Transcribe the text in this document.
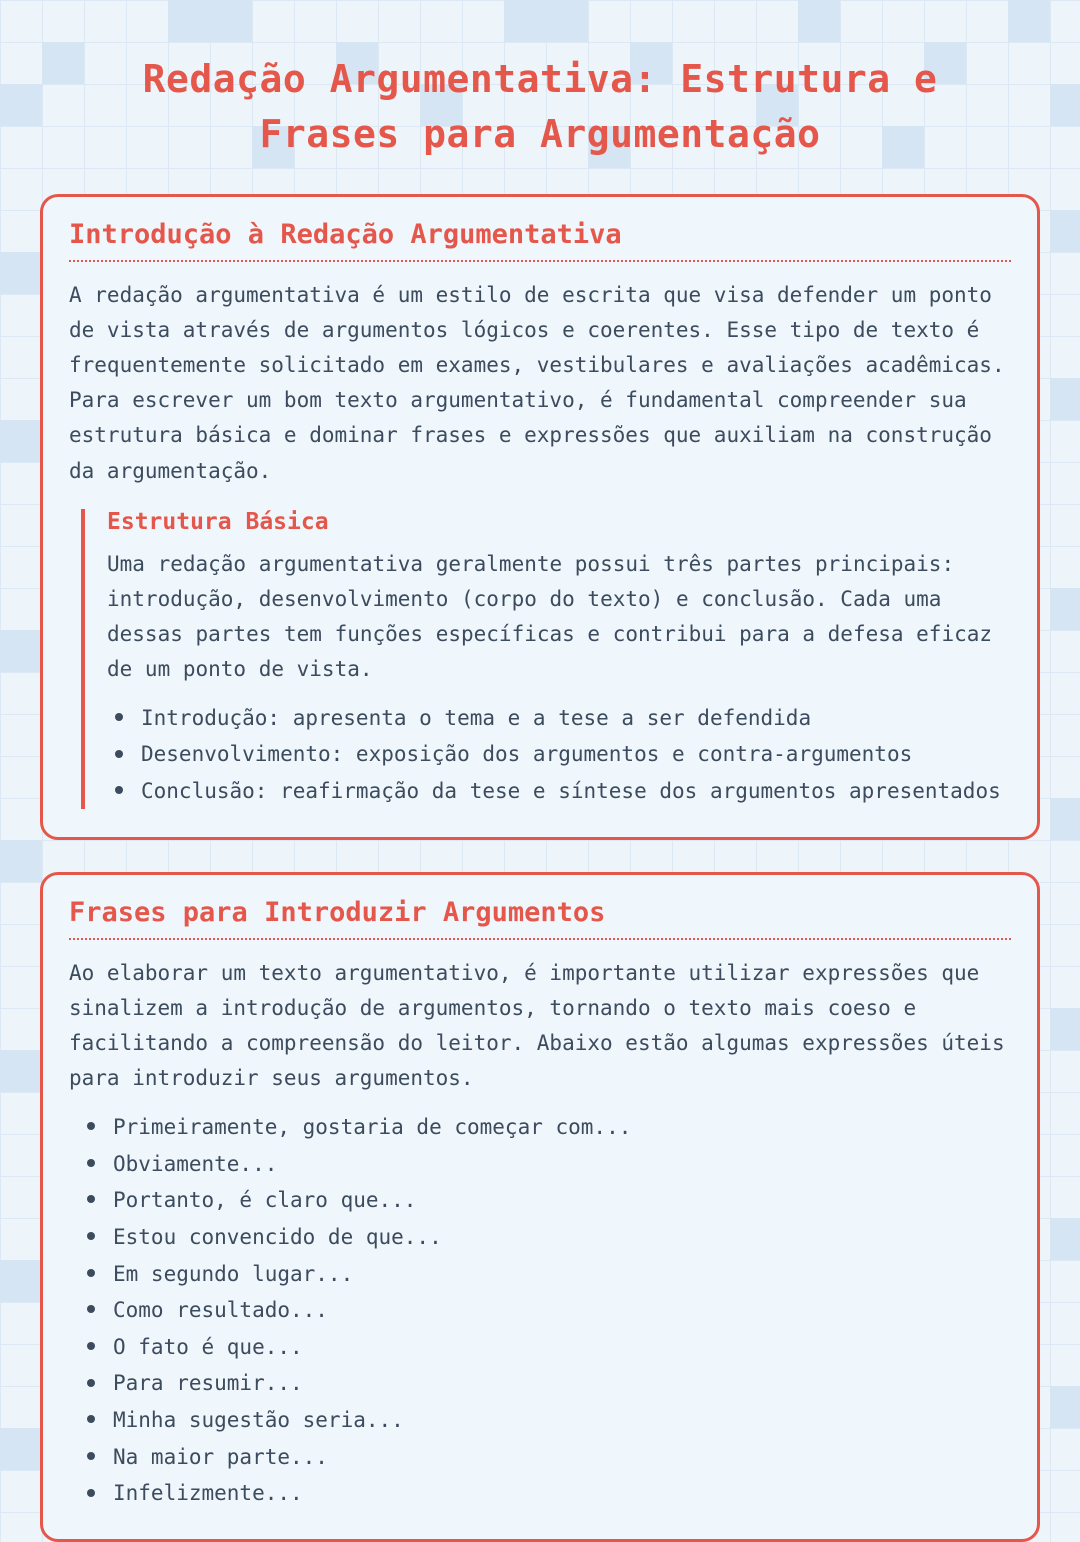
Redação Argumentativa: Estrutura e Frases para Argumentação
Introdução à Redação Argumentativa

A redação argumentativa é um estilo de escrita que visa defender um ponto de vista através de argumentos lógicos e coerentes. Esse tipo de texto é frequentemente solicitado em exames, vestibulares e avaliações acadêmicas. Para escrever um bom texto argumentativo, é fundamental compreender sua estrutura básica e dominar frases e expressões que auxiliam na construção da argumentação.

Estrutura Básica

Uma redação argumentativa geralmente possui três partes principais: introdução, desenvolvimento (corpo do texto) e conclusão. Cada uma dessas partes tem funções específicas e contribui para a defesa eficaz de um ponto de vista.

Introdução: apresenta o tema e a tese a ser defendida
Desenvolvimento: exposição dos argumentos e contra-argumentos
Conclusão: reafirmação da tese e síntese dos argumentos apresentados
Frases para Introduzir Argumentos

Ao elaborar um texto argumentativo, é importante utilizar expressões que sinalizem a introdução de argumentos, tornando o texto mais coeso e facilitando a compreensão do leitor. Abaixo estão algumas expressões úteis para introduzir seus argumentos.

Primeiramente, gostaria de começar com...
Obviamente...
Portanto, é claro que...
Estou convencido de que...
Em segundo lugar...
Como resultado...
O fato é que...
Para resumir...
Minha sugestão seria...
Na maior parte...
Infelizmente...
